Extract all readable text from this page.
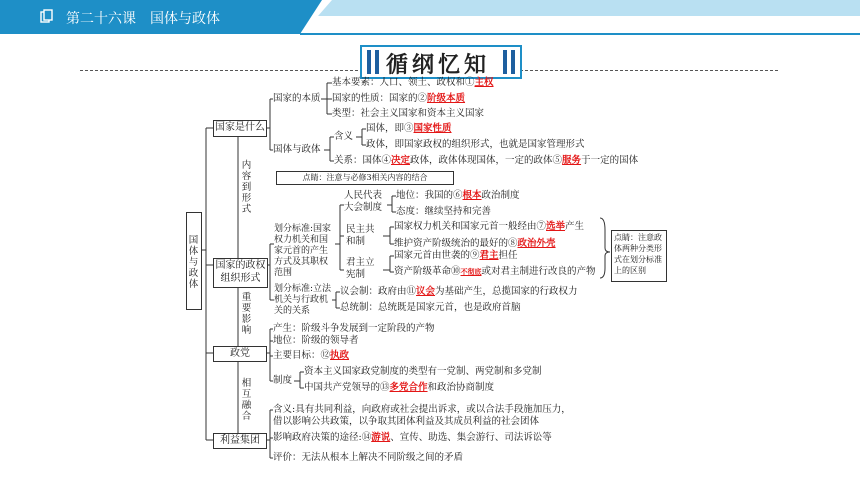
第二十六课　国体与政体
循纲忆知
国体与政体
国家是什么
国家的政权组织形式
政党
利益集团
内容到形式
重要影响
相互融合
国家的本质
基本要素：人口、领土、政权和①主权
国家的性质：国家的②阶级本质
类型：社会主义国家和资本主义国家
国体与政体
含义
国体，即③国家性质
政体，即国家政权的组织形式，也就是国家管理形式
关系：国体④决定政体，政体体现国体，一定的政体⑤服务于一定的国体
点睛：注意与必修3相关内容的结合
划分标准:国家权力机关和国家元首的产生方式及其职权范围
划分标准:立法机关与行政机关的关系
人民代表大会制度
地位：我国的⑥根本政治制度
态度：继续坚持和完善
民主共和制
国家权力机关和国家元首一般经由⑦选举产生
维护资产阶级统治的最好的⑧政治外壳
君主立宪制
国家元首由世袭的⑨君主担任
资产阶级革命⑩不彻底或对君主制进行改良的产物
议会制：政府由⑪议会为基础产生，总揽国家的行政权力
总统制：总统既是国家元首，也是政府首脑
点睛：注意政体两种分类形式在划分标准上的区别
产生：阶级斗争发展到一定阶段的产物
地位：阶级的领导者
主要目标：⑫执政
制度
资本主义国家政党制度的类型有一党制、两党制和多党制
中国共产党领导的⑬多党合作和政治协商制度
含义:具有共同利益，向政府或社会提出诉求，或以合法手段施加压力，
借以影响公共政策，以争取其团体利益及其成员利益的社会团体
影响政府决策的途径:⑭游说、宣传、助选、集会游行、司法诉讼等
评价：无法从根本上解决不同阶级之间的矛盾
